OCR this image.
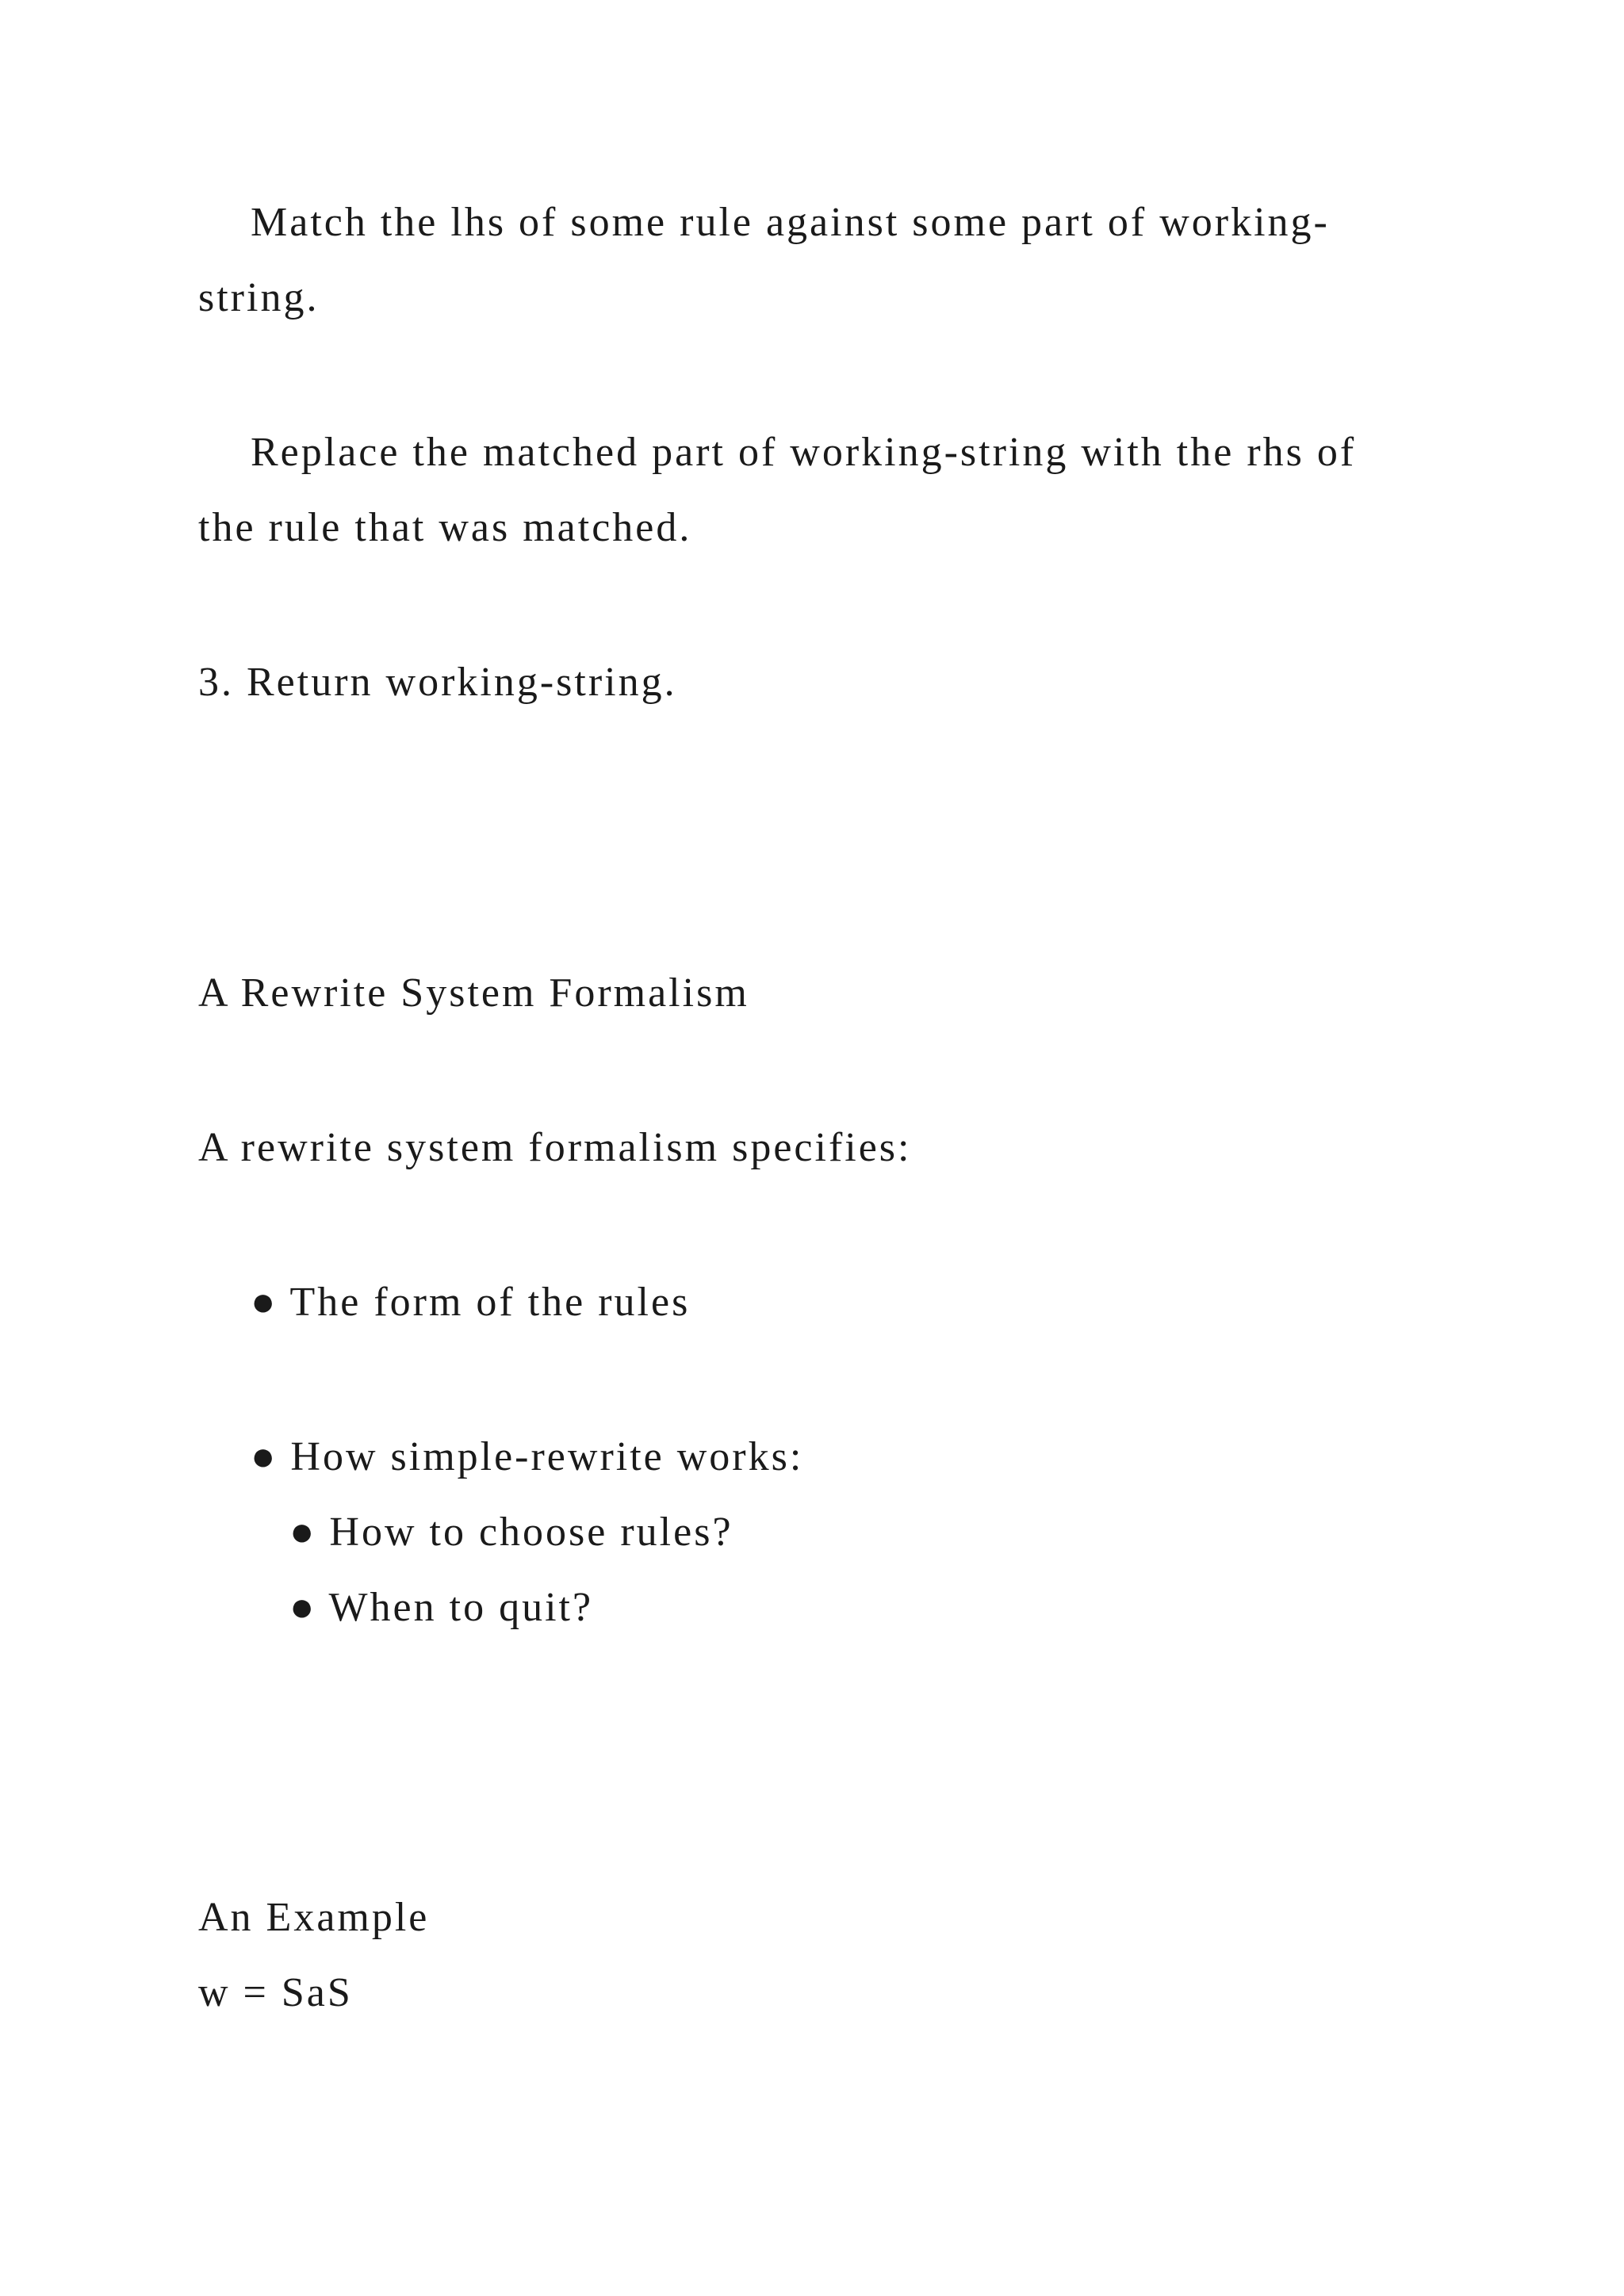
Match the lhs of some rule against some part of working-

string.

Replace the matched part of working-string with the rhs of

the rule that was matched.

3. Return working-string.

A Rewrite System Formalism

A rewrite system formalism specifies:

● The form of the rules

● How simple-rewrite works:

● How to choose rules?

● When to quit?

An Example

w = SaS
